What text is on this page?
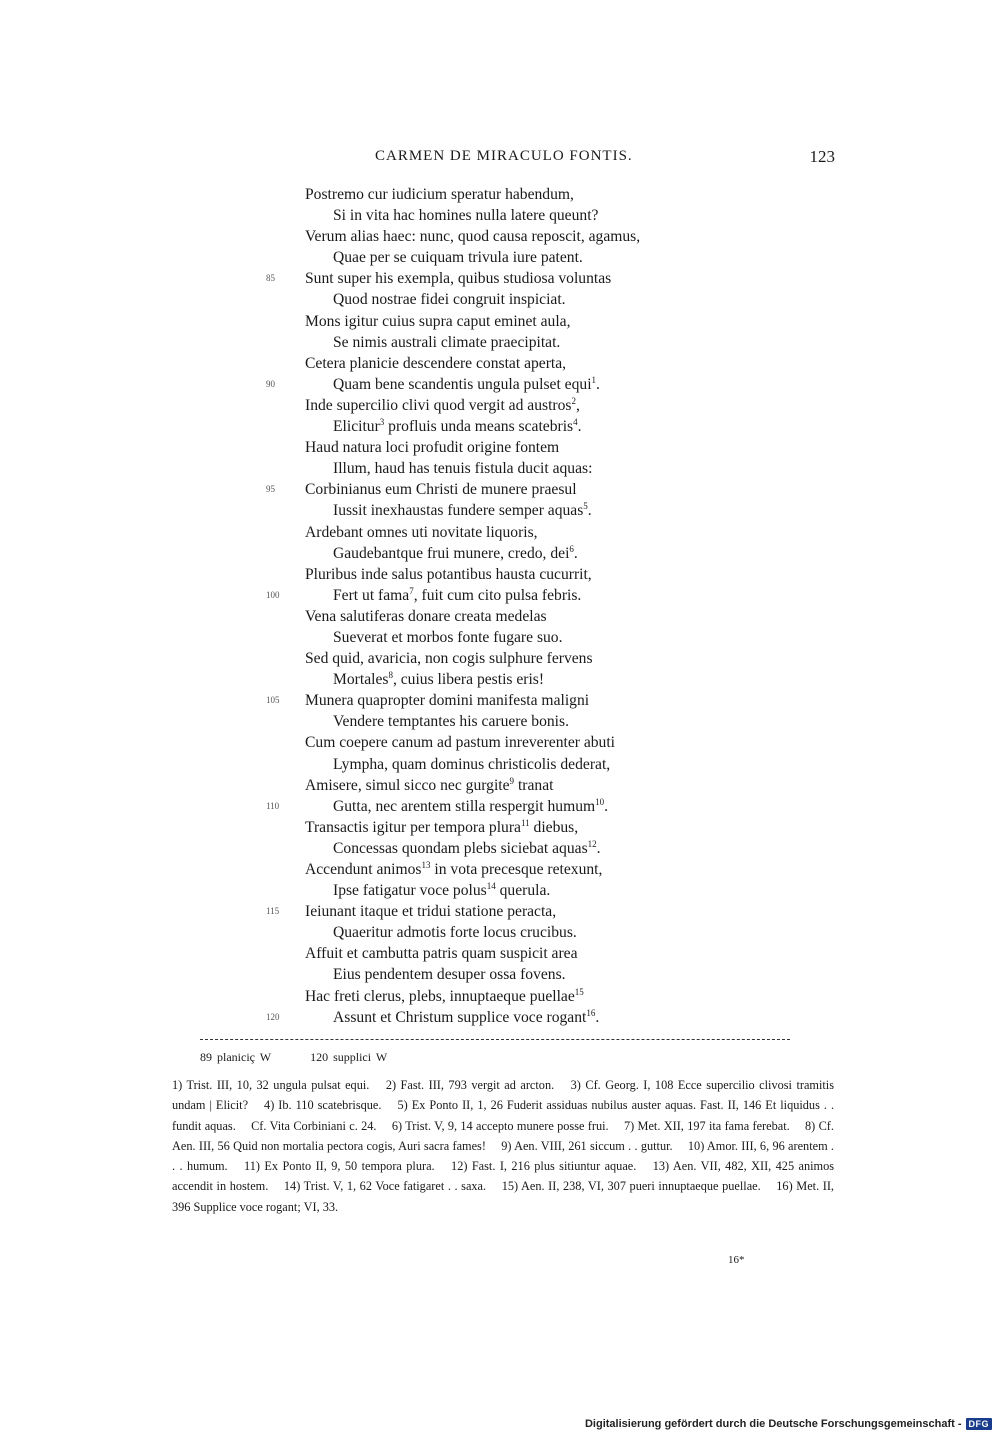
CARMEN DE MIRACULO FONTIS.	123
Postremo cur iudicium speratur habendum,
Si in vita hac homines nulla latere queunt?
Verum alias haec: nunc, quod causa reposcit, agamus,
Quae per se cuiquam trivula iure patent.
85 Sunt super his exempla, quibus studiosa voluntas
Quod nostrae fidei congruit inspiciat.
Mons igitur cuius supra caput eminet aula,
Se nimis australi climate praecipitat.
Cetera planicie descendere constat aperta,
90	Quam bene scandentis ungula pulset equi$^1$.
Inde supercilio clivi quod vergit ad austros$^2$,
Elicitur$^3$ profluis unda means scatebris$^4$.
Haud natura loci profudit origine fontem
Illum, haud has tenuis fistula ducit aquas:
95 Corbinianus eum Christi de munere praesul
Iussit inexhaustas fundere semper aquas$^5$.
Ardebant omnes uti novitate liquoris,
Gaudebantque frui munere, credo, dei$^6$.
Pluribus inde salus potantibus hausta cucurrit,
100	Fert ut fama$^7$, fuit cum cito pulsa febris.
Vena salutiferas donare creata medelas
Sueverat et morbos fonte fugare suo.
Sed quid, avaricia, non cogis sulphure fervens
Mortales$^8$, cuius libera pestis eris!
105 Munera quapropter domini manifesta maligni
Vendere temptantes his caruere bonis.
Cum coepere canum ad pastum inreverenter abuti
Lympha, quam dominus christicolis dederat,
Amisere, simul sicco nec gurgite$^9$ tranat
110	Gutta, nec arentem stilla respergit humum$^{10}$.
Transactis igitur per tempora plura$^{11}$ diebus,
Concessas quondam plebs siciebat aquas$^{12}$.
Accendunt animos$^{13}$ in vota precesque retexunt,
Ipse fatigatur voce polus$^{14}$ querula.
115 Ieiunant itaque et tridui statione peracta,
Quaeritur admotis forte locus crucibus.
Affuit et cambutta patris quam suspicit area
Eius pendentem desuper ossa fovens.
Hac freti clerus, plebs, innuptaeque puellae$^{15}$
120	Assunt et Christum supplice voce rogant$^{16}$.
89 planiciç W	120 supplici W
1) Trist. III, 10, 32 ungula pulsat equi. 2) Fast. III, 793 vergit ad arcton. 3) Cf. Georg. I, 108 Ecce supercilio clivosi tramitis undam | Elicit? 4) Ib. 110 scatebrisque. 5) Ex Ponto II, 1, 26 Fuderit assiduas nubilus auster aquas. Fast. II, 146 Et liquidus . . fundit aquas. Cf. Vita Corbiniani c. 24. 6) Trist. V, 9, 14 accepto munere posse frui. 7) Met. XII, 197 ita fama ferebat. 8) Cf. Aen. III, 56 Quid non mortalia pectora cogis, Auri sacra fames! 9) Aen. VIII, 261 siccum . . guttur. 10) Amor. III, 6, 96 arentem . . . humum. 11) Ex Ponto II, 9, 50 tempora plura. 12) Fast. I, 216 plus sitiuntur aquae. 13) Aen. VII, 482, XII, 425 animos accendit in hostem. 14) Trist. V, 1, 62 Voce fatigaret . . saxa. 15) Aen. II, 238, VI, 307 pueri innuptaeque puellae. 16) Met. II, 396 Supplice voce rogant; VI, 33.
16*
Digitalisierung gefördert durch die Deutsche Forschungsgemeinschaft - DFG
